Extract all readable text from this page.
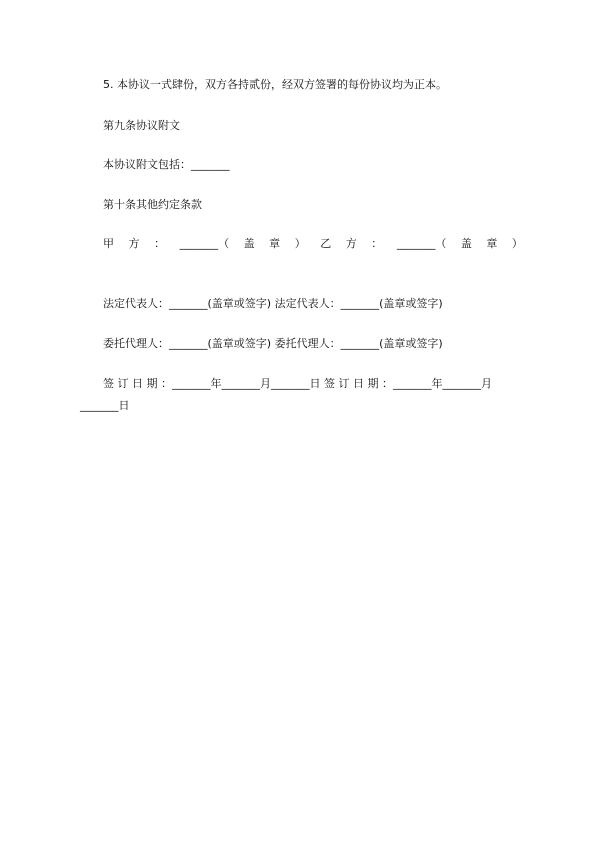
5. 本协议一式肆份，双方各持贰份，经双方签署的每份协议均为正本。
第九条协议附文
本协议附文包括：_______
第十条其他约定条款
甲 方 ： _______（ 盖 章 ） 乙 方 ： _______（ 盖 章 ）
法定代表人：_______(盖章或签字) 法定代表人：_______(盖章或签字)
委托代理人：_______(盖章或签字) 委托代理人：_______(盖章或签字)
签 订 日 期 ：_______年_______月_______日 签 订 日 期 ：_______年_______月
_______日
